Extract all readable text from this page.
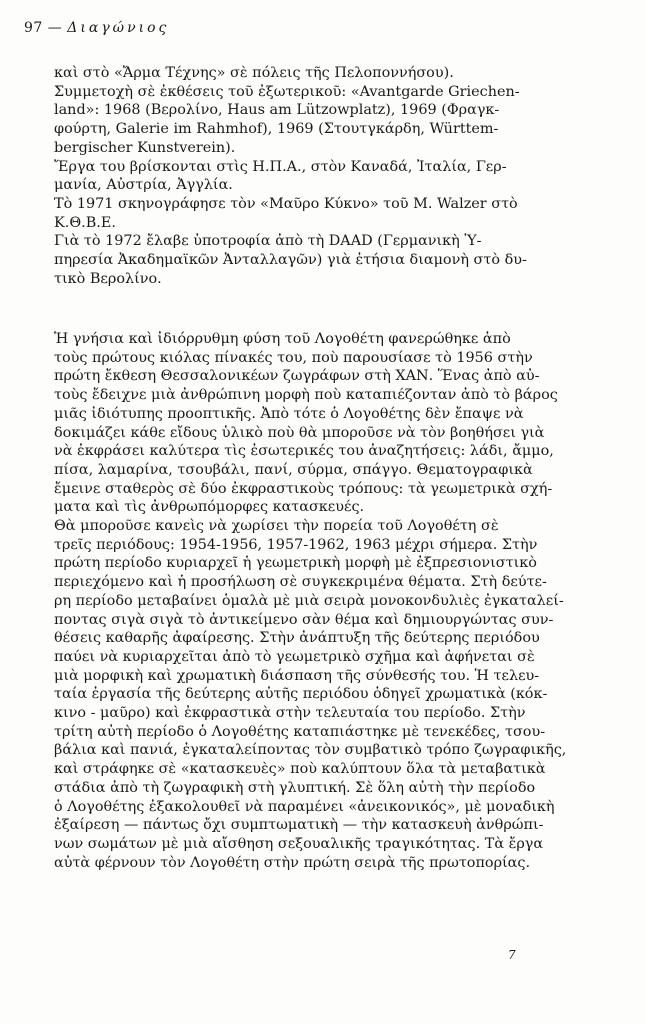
97 — Διαγώνιος
καὶ στὸ «Ἄρμα Τέχνης» σὲ πόλεις τῆς Πελοποννήσου).
Συμμετοχὴ σὲ ἐκθέσεις τοῦ ἐξωτερικοῦ: «Avantgarde Griechen-
land»: 1968 (Βερολίνο, Haus am Lützowplatz), 1969 (Φραγκ-
φούρτη, Galerie im Rahmhof), 1969 (Στουτγκάρδη, Württem-
bergischer Kunstverein).
Ἔργα του βρίσκονται στὶς Η.Π.Α., στὸν Καναδά, Ἰταλία, Γερ-
μανία, Αὐστρία, Ἀγγλία.
Τὸ 1971 σκηνογράφησε τὸν «Μαῦρο Κύκνο» τοῦ M. Walzer στὸ
Κ.Θ.Β.Ε.
Γιὰ τὸ 1972 ἔλαβε ὑποτροφία ἀπὸ τὴ DAAD (Γερμανικὴ Ὑ-
πηρεσία Ἀκαδημαϊκῶν Ἀνταλλαγῶν) γιὰ ἐτήσια διαμονὴ στὸ δυ-
τικὸ Βερολίνο.
Ἡ γνήσια καὶ ἰδιόρρυθμη φύση τοῦ Λογοθέτη φανερώθηκε ἀπὸ
τοὺς πρώτους κιόλας πίνακές του, ποὺ παρουσίασε τὸ 1956 στὴν
πρώτη ἔκθεση Θεσσαλονικέων ζωγράφων στὴ ΧΑΝ. Ἕνας ἀπὸ αὐ-
τοὺς ἔδειχνε μιὰ ἀνθρώπινη μορφὴ ποὺ καταπιέζονταν ἀπὸ τὸ βάρος
μιᾶς ἰδιότυπης προοπτικῆς. Ἀπὸ τότε ὁ Λογοθέτης δὲν ἔπαψε νὰ
δοκιμάζει κάθε εἴδους ὑλικὸ ποὺ θὰ μποροῦσε νὰ τὸν βοηθήσει γιὰ
νὰ ἐκφράσει καλύτερα τὶς ἐσωτερικές του ἀναζητήσεις: λάδι, ἄμμο,
πίσα, λαμαρίνα, τσουβάλι, πανί, σύρμα, σπάγγο. Θεματογραφικὰ
ἔμεινε σταθερὸς σὲ δύο ἐκφραστικοὺς τρόπους: τὰ γεωμετρικὰ σχή-
ματα καὶ τὶς ἀνθρωπόμορφες κατασκευές.
Θὰ μποροῦσε κανεὶς νὰ χωρίσει τὴν πορεία τοῦ Λογοθέτη σὲ
τρεῖς περιόδους: 1954-1956, 1957-1962, 1963 μέχρι σήμερα. Στὴν
πρώτη περίοδο κυριαρχεῖ ἡ γεωμετρικὴ μορφὴ μὲ ἐξπρεσιονιστικὸ
περιεχόμενο καὶ ἡ προσήλωση σὲ συγκεκριμένα θέματα. Στὴ δεύτε-
ρη περίοδο μεταβαίνει ὁμαλὰ μὲ μιὰ σειρὰ μονοκονδυλιὲς ἐγκαταλεί-
ποντας σιγὰ σιγὰ τὸ ἀντικείμενο σὰν θέμα καὶ δημιουργώντας συν-
θέσεις καθαρῆς ἀφαίρεσης. Στὴν ἀνάπτυξη τῆς δεύτερης περιόδου
παύει νὰ κυριαρχεῖται ἀπὸ τὸ γεωμετρικὸ σχῆμα καὶ ἀφήνεται σὲ
μιὰ μορφικὴ καὶ χρωματικὴ διάσπαση τῆς σύνθεσής του. Ἡ τελευ-
ταία ἐργασία τῆς δεύτερης αὐτῆς περιόδου ὁδηγεῖ χρωματικὰ (κόκ-
κινο - μαῦρο) καὶ ἐκφραστικὰ στὴν τελευταία του περίοδο. Στὴν
τρίτη αὐτὴ περίοδο ὁ Λογοθέτης καταπιάστηκε μὲ τενεκέδες, τσου-
βάλια καὶ πανιά, ἐγκαταλείποντας τὸν συμβατικὸ τρόπο ζωγραφικῆς,
καὶ στράφηκε σὲ «κατασκευὲς» ποὺ καλύπτουν ὅλα τὰ μεταβατικὰ
στάδια ἀπὸ τὴ ζωγραφικὴ στὴ γλυπτική. Σὲ ὅλη αὐτὴ τὴν περίοδο
ὁ Λογοθέτης ἐξακολουθεῖ νὰ παραμένει «ἀνεικονικός», μὲ μοναδικὴ
ἐξαίρεση — πάντως ὄχι συμπτωματικὴ — τὴν κατασκευὴ ἀνθρώπι-
νων σωμάτων μὲ μιὰ αἴσθηση σεξουαλικῆς τραγικότητας. Τὰ ἔργα
αὐτὰ φέρνουν τὸν Λογοθέτη στὴν πρώτη σειρὰ τῆς πρωτοπορίας.
7
